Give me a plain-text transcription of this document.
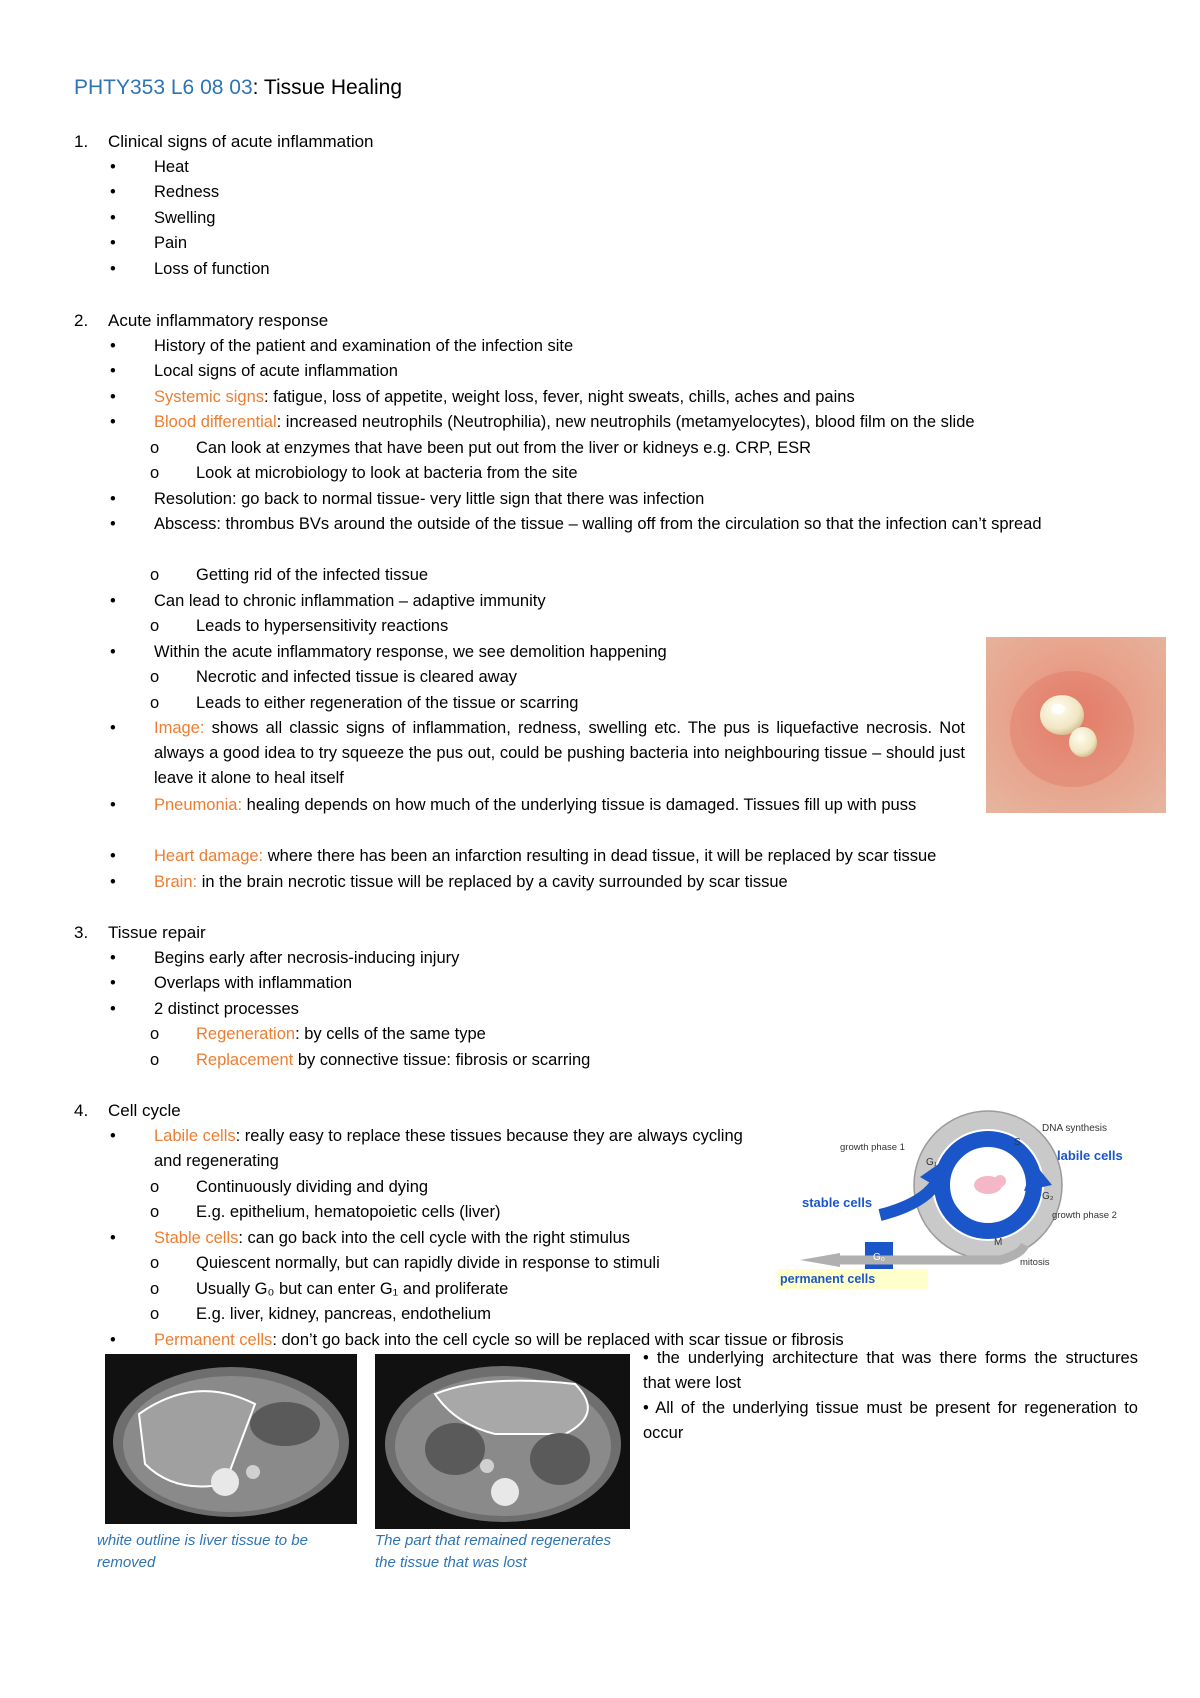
PHTY353 L6 08 03: Tissue Healing
1. Clinical signs of acute inflammation
• Heat
• Redness
• Swelling
• Pain
• Loss of function
2. Acute inflammatory response
• History of the patient and examination of the infection site
• Local signs of acute inflammation
• Systemic signs: fatigue, loss of appetite, weight loss, fever, night sweats, chills, aches and pains
• Blood differential: increased neutrophils (Neutrophilia), new neutrophils (metamyelocytes), blood film on the slide
o Can look at enzymes that have been put out from the liver or kidneys e.g. CRP, ESR
o Look at microbiology to look at bacteria from the site
• Resolution: go back to normal tissue- very little sign that there was infection
• Abscess: thrombus BVs around the outside of the tissue – walling off from the circulation so that the infection can’t spread
o Getting rid of the infected tissue
• Can lead to chronic inflammation – adaptive immunity
o Leads to hypersensitivity reactions
• Within the acute inflammatory response, we see demolition happening
o Necrotic and infected tissue is cleared away
o Leads to either regeneration of the tissue or scarring
• Image: shows all classic signs of inflammation, redness, swelling etc. The pus is liquefactive necrosis. Not always a good idea to try squeeze the pus out, could be pushing bacteria into neighbouring tissue – should just leave it alone to heal itself
• Pneumonia: healing depends on how much of the underlying tissue is damaged. Tissues fill up with puss
• Heart damage: where there has been an infarction resulting in dead tissue, it will be replaced by scar tissue
• Brain: in the brain necrotic tissue will be replaced by a cavity surrounded by scar tissue
3. Tissue repair
• Begins early after necrosis-inducing injury
• Overlaps with inflammation
• 2 distinct processes
o Regeneration: by cells of the same type
o Replacement by connective tissue: fibrosis or scarring
4. Cell cycle
• Labile cells: really easy to replace these tissues because they are always cycling and regenerating
o Continuously dividing and dying
o E.g. epithelium, hematopoietic cells (liver)
• Stable cells: can go back into the cell cycle with the right stimulus
o Quiescent normally, but can rapidly divide in response to stimuli
o Usually G₀ but can enter G₁ and proliferate
o E.g. liver, kidney, pancreas, endothelium
• Permanent cells: don’t go back into the cell cycle so will be replaced with scar tissue or fibrosis
DNA synthesis
labile cells
growth phase 1
growth phase 2
stable cells
permanent cells
mitosis
S
G₁
G₂
M
G₀
white outline is liver tissue to be removed
The part that remained regenerates the tissue that was lost
• the underlying architecture that was there forms the structures that were lost
• All of the underlying tissue must be present for regeneration to occur
